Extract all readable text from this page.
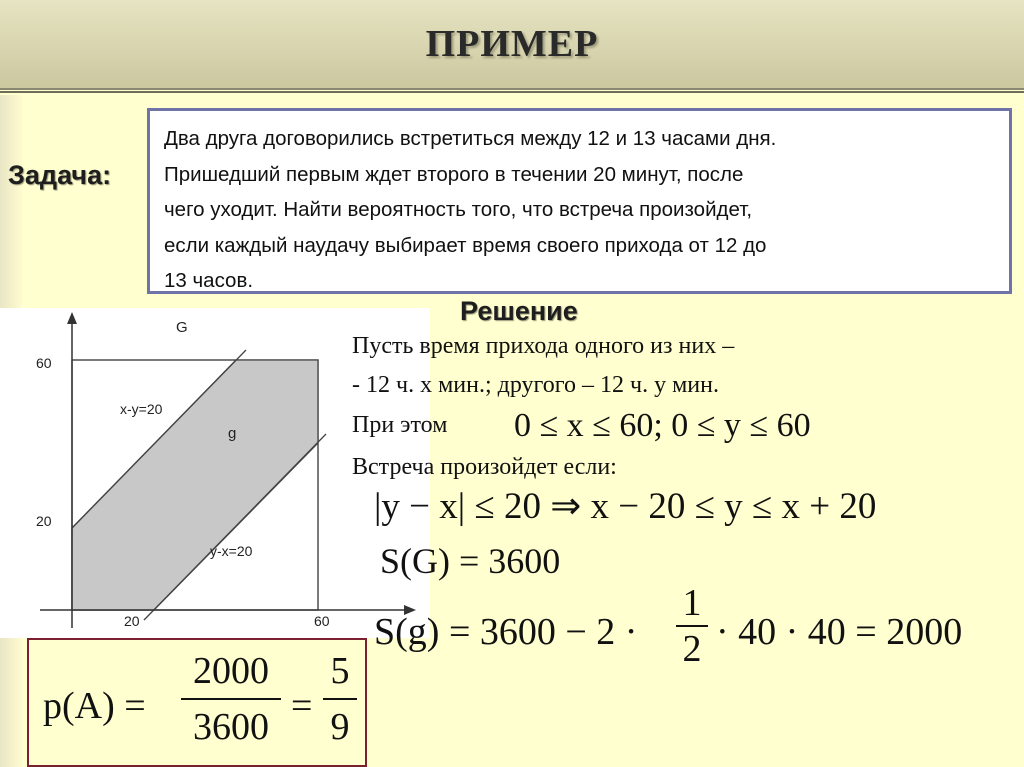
ПРИМЕР
Задача:
Два друга договорились встретиться между 12 и 13 часами дня.
Пришедший первым ждет второго в течении 20 минут, после
чего уходит. Найти вероятность того, что встреча произойдет,
если каждый наудачу выбирает время своего прихода от 12 до
13 часов.
Решение
G
g
x-y=20
y-x=20
60
20
20	60
Пусть время прихода одного из них –
- 12 ч. х мин.; другого – 12 ч. у мин.
При этом 0 ≤ x ≤ 60; 0 ≤ y ≤ 60
Встреча произойдет если:
|y − x| ≤ 20 ⇒ x − 20 ≤ y ≤ x + 20
S(G) = 3600
S(g) = 3600 − 2 ·
1
2 · 40 · 40 = 2000
p(A) =
2000
3600 =
5
9
